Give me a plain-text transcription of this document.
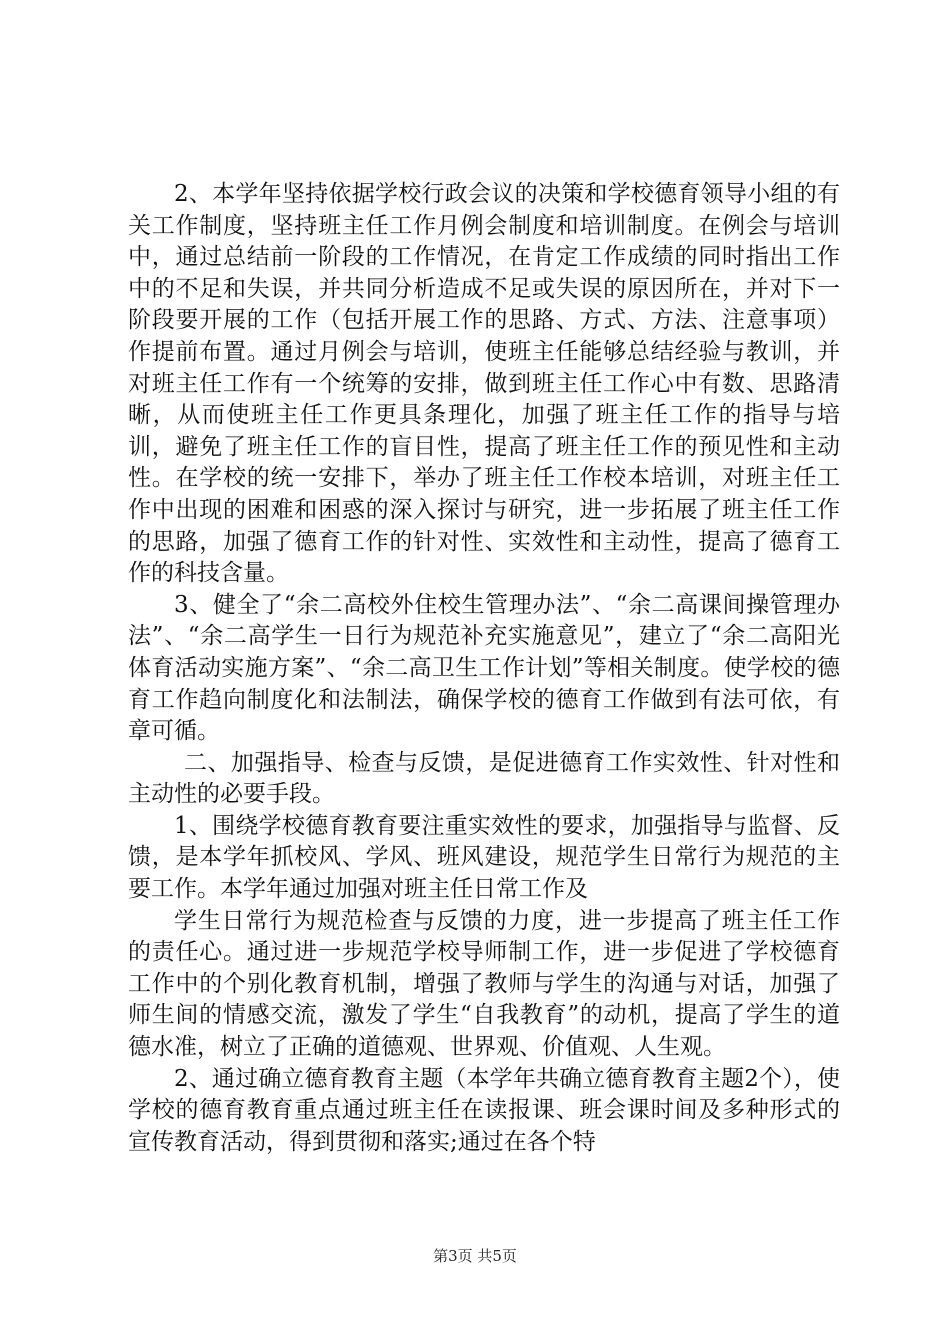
2、本学年坚持依据学校行政会议的决策和学校德育领导小组的有关工作制度，坚持班主任工作月例会制度和培训制度。在例会与培训中，通过总结前一阶段的工作情况，在肯定工作成绩的同时指出工作中的不足和失误，并共同分析造成不足或失误的原因所在，并对下一阶段要开展的工作（包括开展工作的思路、方式、方法、注意事项）作提前布置。通过月例会与培训，使班主任能够总结经验与教训，并对班主任工作有一个统筹的安排，做到班主任工作心中有数、思路清晰，从而使班主任工作更具条理化，加强了班主任工作的指导与培训，避免了班主任工作的盲目性，提高了班主任工作的预见性和主动性。在学校的统一安排下，举办了班主任工作校本培训，对班主任工作中出现的困难和困惑的深入探讨与研究，进一步拓展了班主任工作的思路，加强了德育工作的针对性、实效性和主动性，提高了德育工作的科技含量。

3、健全了“余二高校外住校生管理办法”、“余二高课间操管理办法”、“余二高学生一日行为规范补充实施意见”，建立了“余二高阳光体育活动实施方案”、“余二高卫生工作计划”等相关制度。使学校的德育工作趋向制度化和法制法，确保学校的德育工作做到有法可依，有章可循。

二、加强指导、检查与反馈，是促进德育工作实效性、针对性和主动性的必要手段。

1、围绕学校德育教育要注重实效性的要求，加强指导与监督、反馈，是本学年抓校风、学风、班风建设，规范学生日常行为规范的主要工作。本学年通过加强对班主任日常工作及

学生日常行为规范检查与反馈的力度，进一步提高了班主任工作的责任心。通过进一步规范学校导师制工作，进一步促进了学校德育工作中的个别化教育机制，增强了教师与学生的沟通与对话，加强了师生间的情感交流，激发了学生“自我教育”的动机，提高了学生的道德水准，树立了正确的道德观、世界观、价值观、人生观。

2、通过确立德育教育主题（本学年共确立德育教育主题2个），使学校的德育教育重点通过班主任在读报课、班会课时间及多种形式的宣传教育活动，得到贯彻和落实;通过在各个特

第3页 共5页
